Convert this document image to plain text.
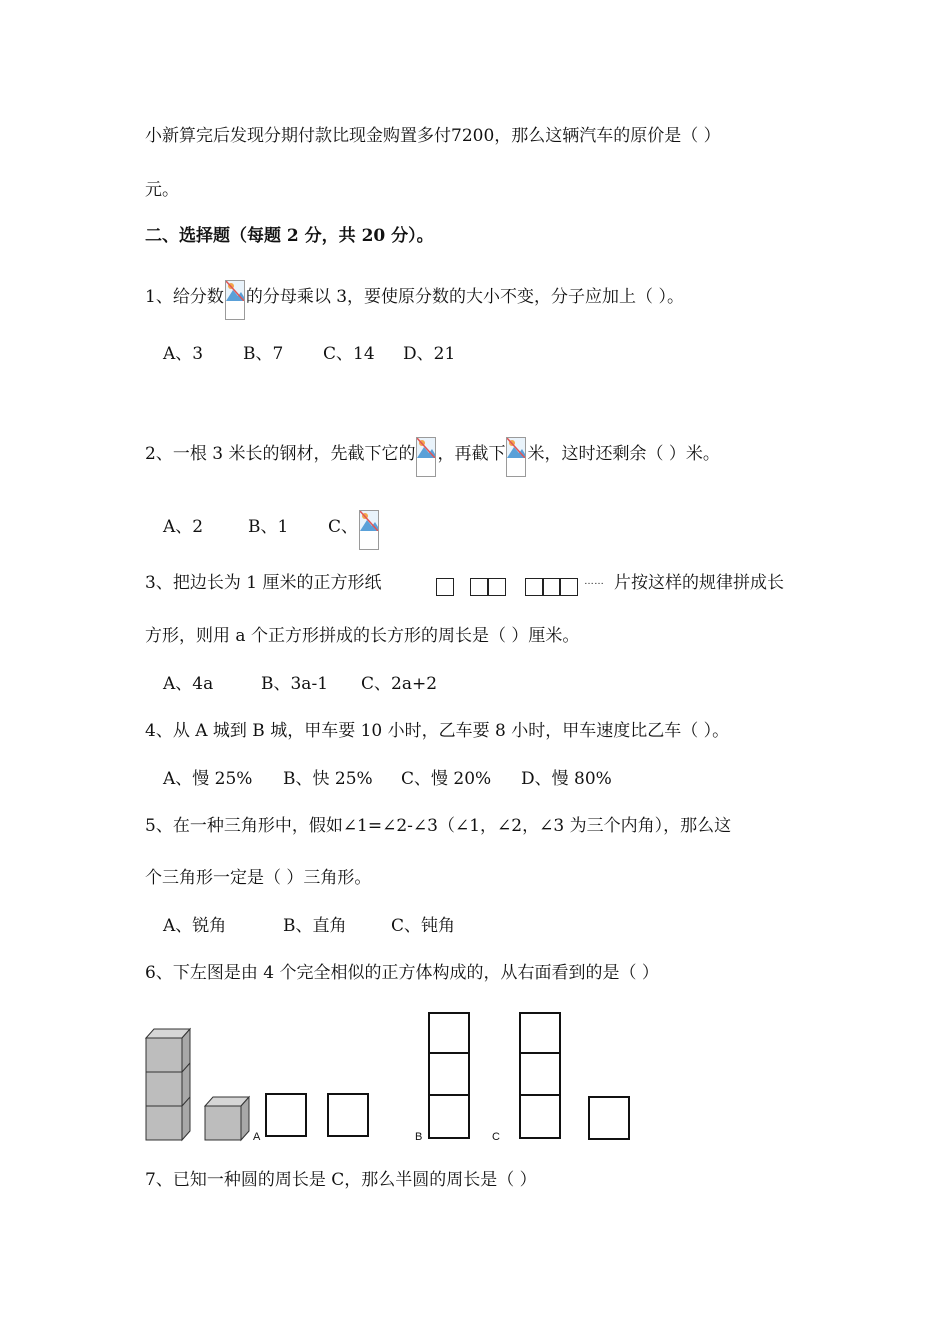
小新算完后发现分期付款比现金购置多付7200，那么这辆汽车的原价是（ ）
元。
二、选择题（每题 2 分，共 20 分）。
1、给分数 的分母乘以 3，要使原分数的大小不变，分子应加上（ ）。
A、3 B、7 C、14 D、21
2、一根 3 米长的钢材，先截下它的 ，再截下 米，这时还剩余（ ）米。
A、2	B、1 C、
3、把边长为 1 厘米的正方形纸	…… 片按这样的规律拼成长
方形，则用 a 个正方形拼成的长方形的周长是（ ）厘米。
A、4a	B、3a-1 C、2a+2
4、从 A 城到 B 城，甲车要 10 小时，乙车要 8 小时，甲车速度比乙车（ ）。
A、慢 25% B、快 25% C、慢 20% D、慢 80%
5、在一种三角形中，假如∠1=∠2-∠3（∠1，∠2，∠3 为三个内角），那么这
个三角形一定是（ ）三角形。
A、锐角	B、直角	C、钝角
6、下左图是由 4 个完全相似的正方体构成的，从右面看到的是（ ）
A	B	C
7、已知一种圆的周长是 C，那么半圆的周长是（ ）
